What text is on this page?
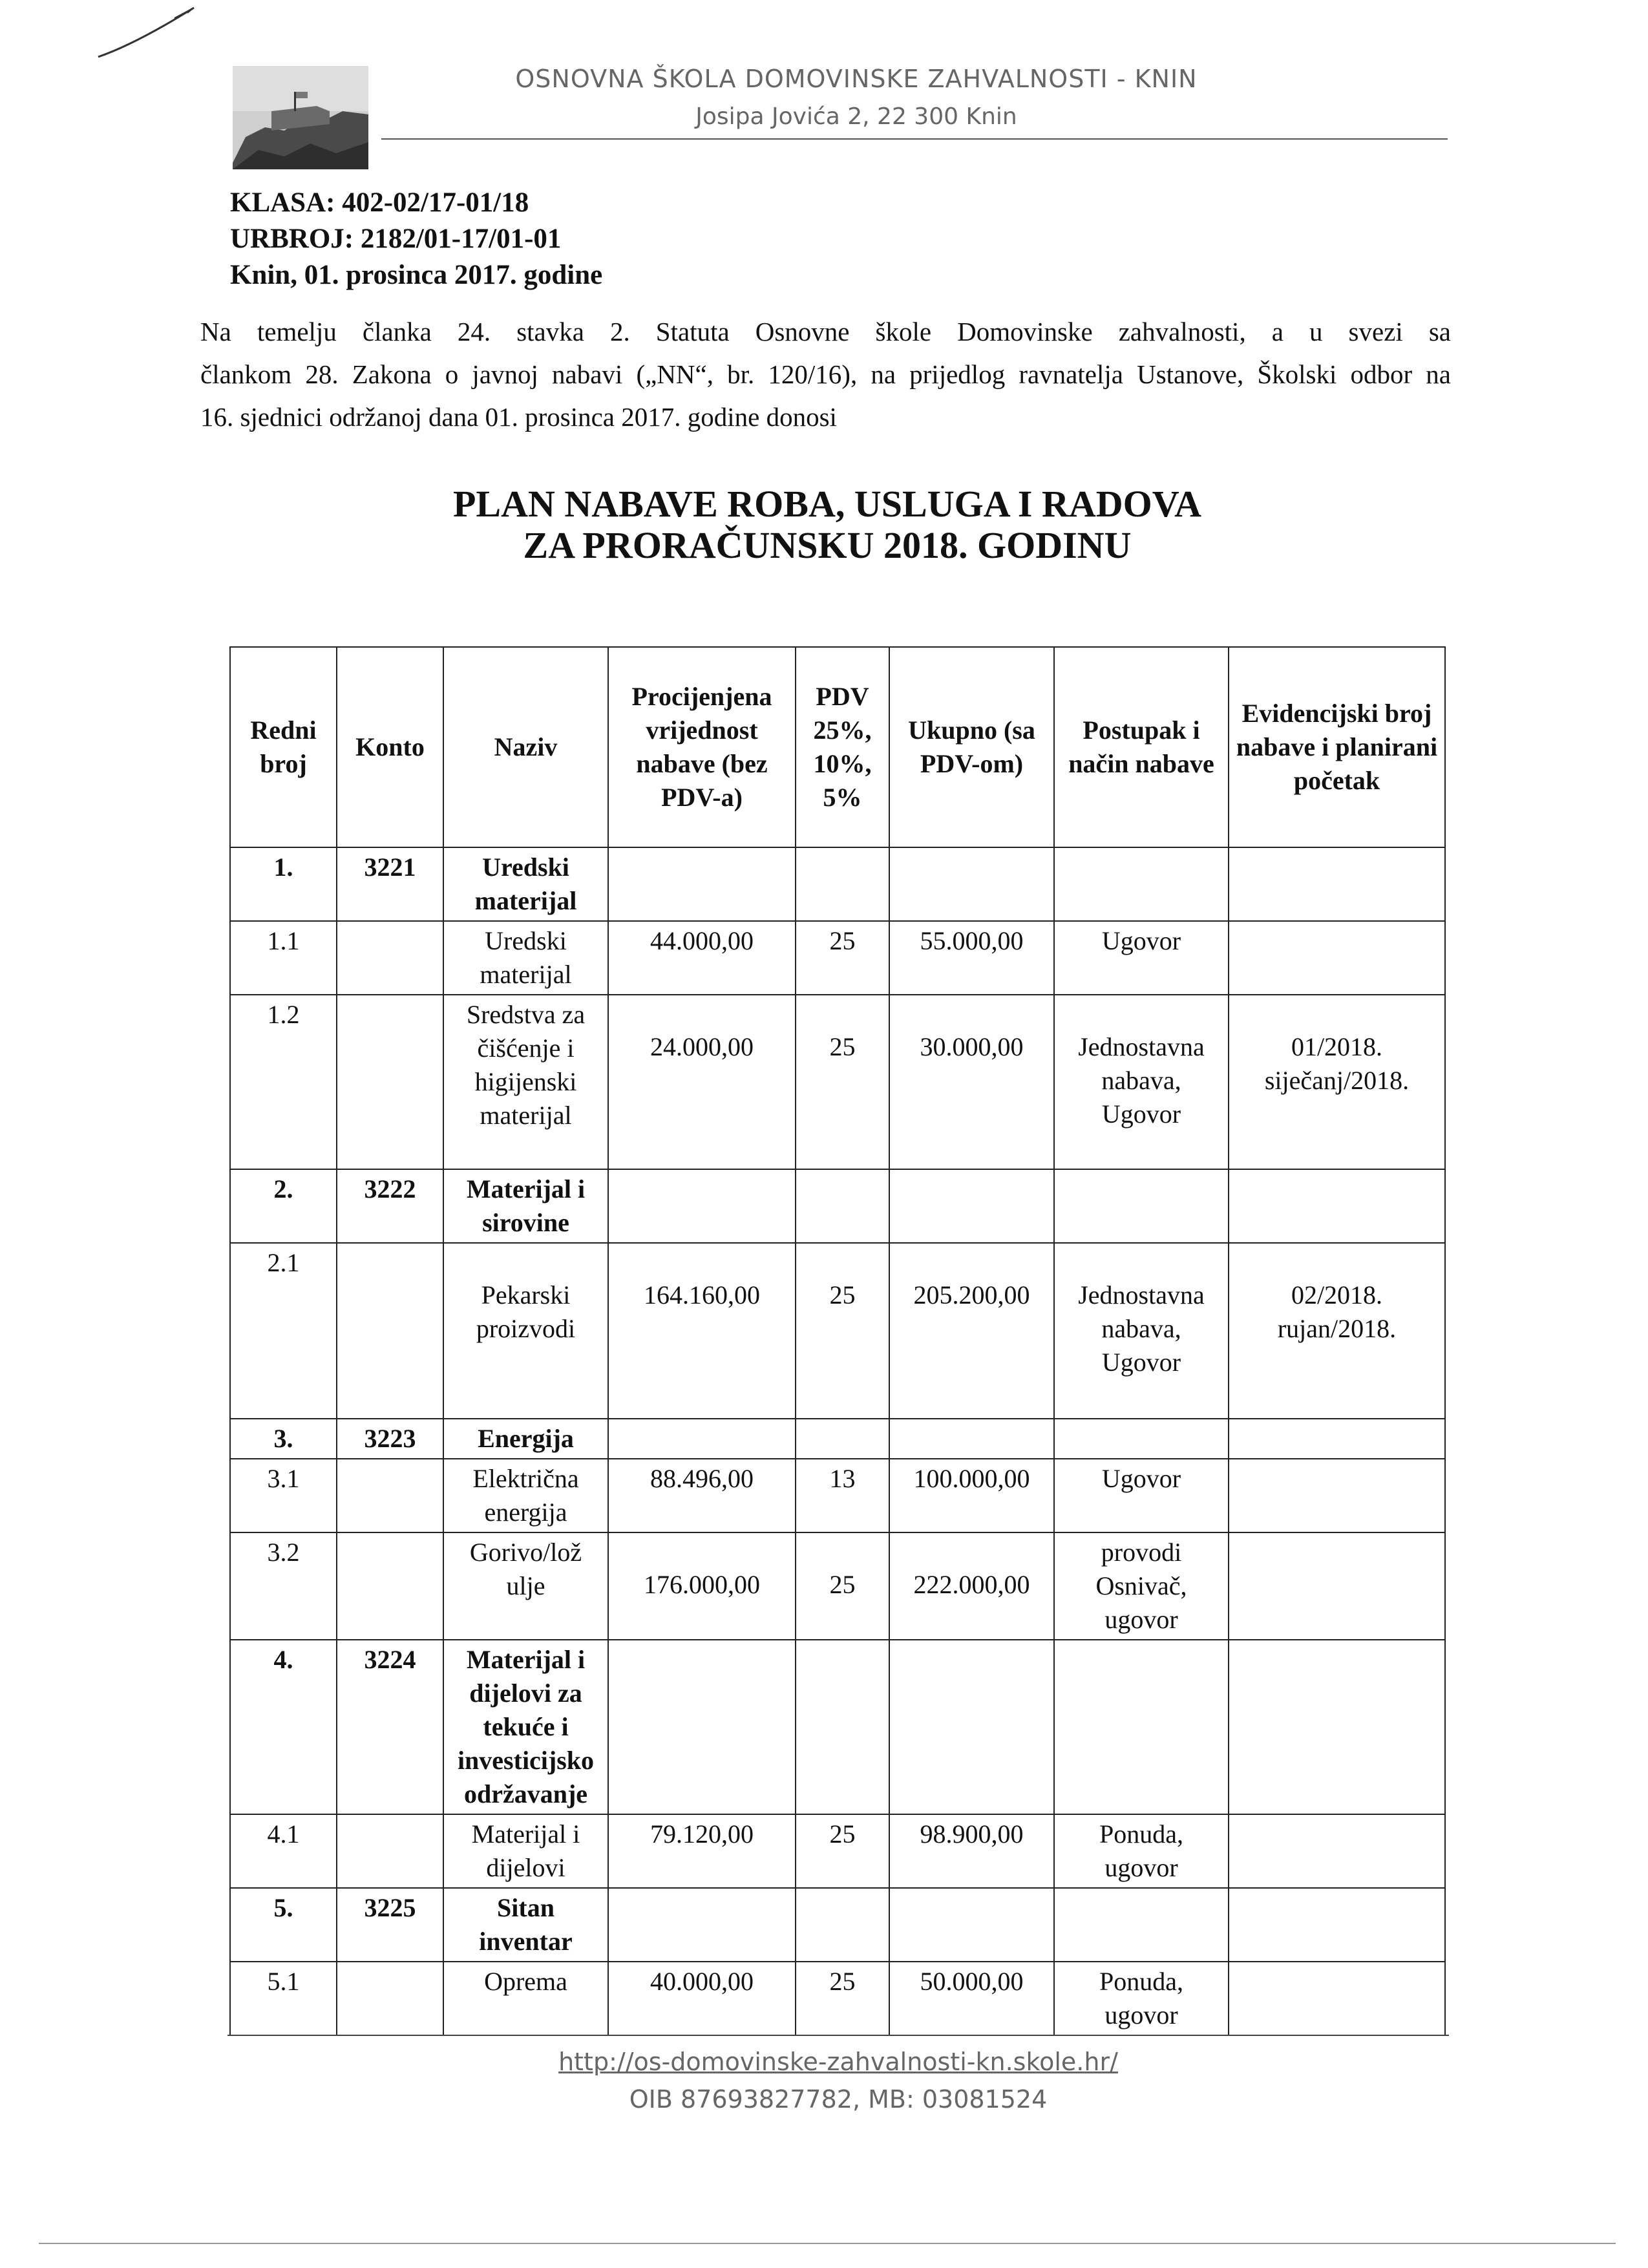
OSNOVNA ŠKOLA DOMOVINSKE ZAHVALNOSTI - KNIN
Josipa Jovića 2, 22 300 Knin
KLASA: 402-02/17-01/18
URBROJ: 2182/01-17/01-01
Knin, 01. prosinca 2017. godine
Na temelju članka 24. stavka 2. Statuta Osnovne škole Domovinske zahvalnosti, a u svezi sa
člankom 28. Zakona o javnoj nabavi („NN“, br. 120/16), na prijedlog ravnatelja Ustanove, Školski odbor na
16. sjednici održanoj dana 01. prosinca 2017. godine donosi
PLAN NABAVE ROBA, USLUGA I RADOVA
ZA PRORAČUNSKU 2018. GODINU
Redni broj	Konto	Naziv	Procijenjena vrijednost nabave (bez PDV-a)	PDV 25%, 10%, 5%	Ukupno (sa PDV-om)	Postupak i način nabave	Evidencijski broj nabave i planirani početak
1.	3221	Uredski materijal					
1.1		Uredski materijal	44.000,00	25	55.000,00	Ugovor	
1.2		Sredstva za čišćenje i higijenski materijal	24.000,00	25	30.000,00	Jednostavna nabava, Ugovor	01/2018. siječanj/2018.
2.	3222	Materijal i sirovine					
2.1		Pekarski proizvodi	164.160,00	25	205.200,00	Jednostavna nabava, Ugovor	02/2018. rujan/2018.
3.	3223	Energija					
3.1		Električna energija	88.496,00	13	100.000,00	Ugovor	
3.2		Gorivo/lož ulje	176.000,00	25	222.000,00	provodi Osnivač, ugovor	
4.	3224	Materijal i dijelovi za tekuće i investicijsko održavanje					
4.1		Materijal i dijelovi	79.120,00	25	98.900,00	Ponuda, ugovor	
5.	3225	Sitan inventar					
5.1		Oprema	40.000,00	25	50.000,00	Ponuda, ugovor	
http://os-domovinske-zahvalnosti-kn.skole.hr/
OIB 87693827782, MB: 03081524
